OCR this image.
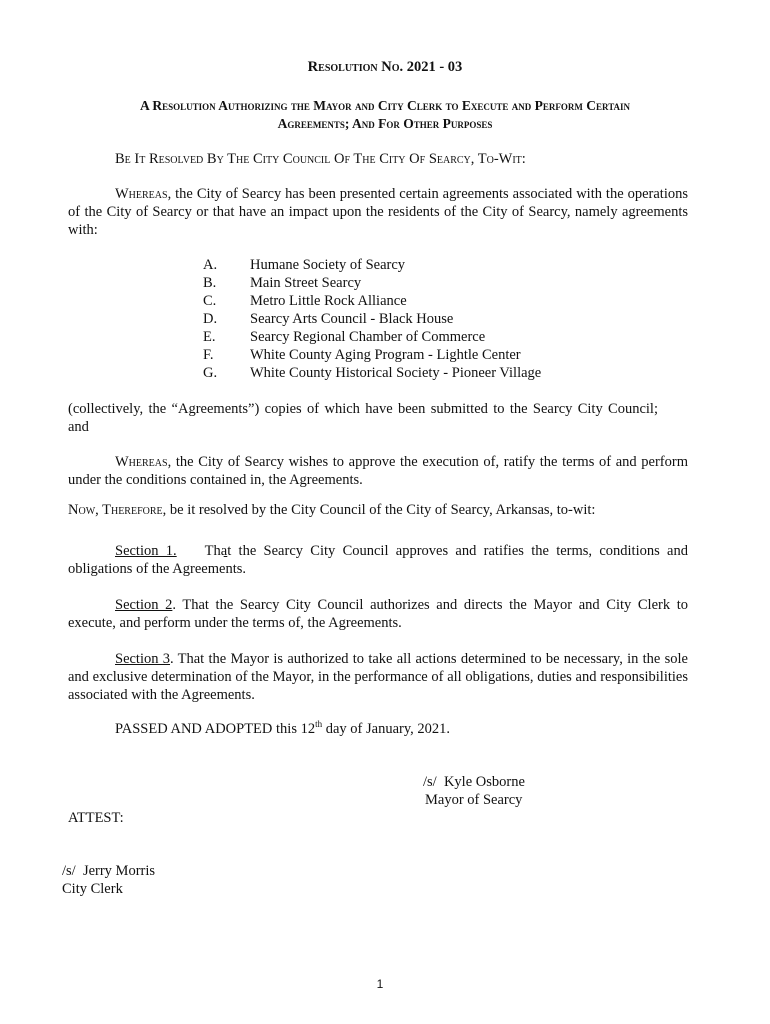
Resolution No. 2021 - 03
A Resolution Authorizing the Mayor and City Clerk to Execute and Perform Certain
Agreements; And For Other Purposes
Be It Resolved By The City Council Of The City Of Searcy, To-Wit:
Whereas, the City of Searcy has been presented certain agreements associated with the operations of the City of Searcy or that have an impact upon the residents of the City of Searcy, namely agreements with:
A. Humane Society of Searcy
B. Main Street Searcy
C. Metro Little Rock Alliance
D. Searcy Arts Council - Black House
E. Searcy Regional Chamber of Commerce
F.	White County Aging Program - Lightle Center
G. White County Historical Society - Pioneer Village
(collectively, the “Agreements”) copies of which have been submitted to the Searcy City Council; and
Whereas, the City of Searcy wishes to approve the execution of, ratify the terms of and perform under the conditions contained in, the Agreements.
Now, Therefore, be it resolved by the City Council of the City of Searcy, Arkansas, to-wit:
Section 1. That the Searcy City Council approves and ratifies the terms, conditions and obligations of the Agreements.
Section 2. That the Searcy City Council authorizes and directs the Mayor and City Clerk to execute, and perform under the terms of, the Agreements.
Section 3. That the Mayor is authorized to take all actions determined to be necessary, in the sole and exclusive determination of the Mayor, in the performance of all obligations, duties and responsibilities associated with the Agreements.
PASSED AND ADOPTED this 12th day of January, 2021.
/s/  Kyle Osborne
Mayor of Searcy
ATTEST:
/s/  Jerry Morris
City Clerk
1
